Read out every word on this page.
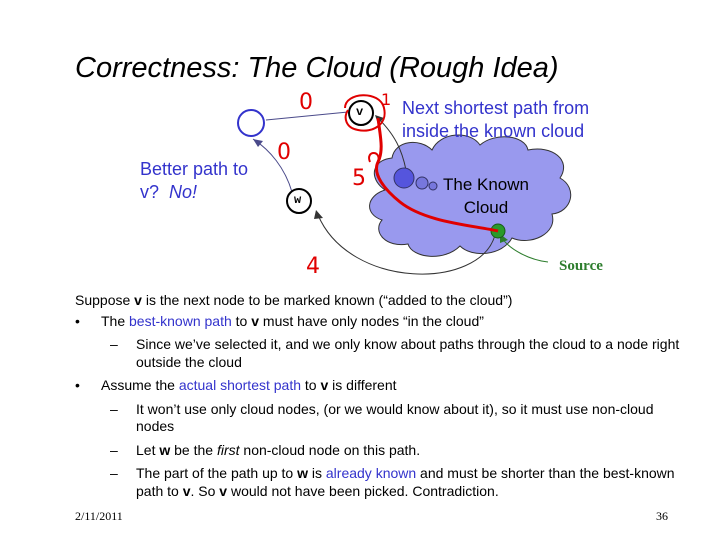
Correctness: The Cloud (Rough Idea)
v
w
Next shortest path from
inside the known cloud
Better path to
v? No!	The Known
Cloud
Source
0
0
5
4
1
Suppose v is the next node to be marked known (“added to the cloud”)
• The best-known path to v must have only nodes “in the cloud”
– Since we’ve selected it, and we only know about paths through the cloud to a node right outside the cloud
• Assume the actual shortest path to v is different
– It won’t use only cloud nodes, (or we would know about it), so it must use non-cloud nodes
– Let w be the first non-cloud node on this path.
– The part of the path up to w is already known and must be shorter than the best-known path to v. So v would not have been picked. Contradiction.
2/11/2011	36
